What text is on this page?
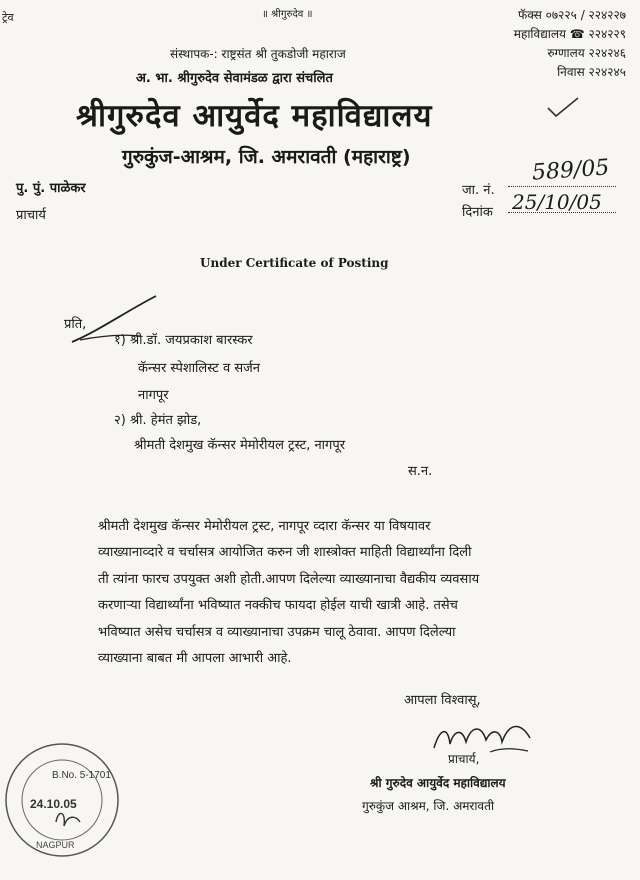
ट्रेव	॥ श्रीगुरुदेव ॥	फॅक्स ०७२२५ / २२४२२७
महाविद्यालय ☎ २२४२२९
रुग्णालय २२४२४६
निवास २२४२४५
संस्थापक-: राष्ट्रसंत श्री तुकडोजी महाराज
अ. भा. श्रीगुरुदेव सेवामंडळ द्वारा संचलित
श्रीगुरुदेव आयुर्वेद महाविद्यालय
गुरुकुंज-आश्रम, जि. अमरावती (महाराष्ट्र)
पु. पुं. पाळेकर
प्राचार्य
जा. नं.
589/05
दिनांक 25/10/05
Under Certificate of Posting
प्रति,
१) श्री.डॉ. जयप्रकाश बारस्कर
कॅन्सर स्पेशालिस्ट व सर्जन
नागपूर
२) श्री. हेमंत झोड,
श्रीमती देशमुख कॅन्सर मेमोरीयल ट्रस्ट, नागपूर
स.न.
श्रीमती देशमुख कॅन्सर मेमोरीयल ट्रस्ट, नागपूर व्दारा कॅन्सर या विषयावर
व्याख्यानाव्दारे व चर्चासत्र आयोजित करुन जी शास्त्रोक्त माहिती विद्यार्थ्यांना दिली
ती त्यांना फारच उपयुक्त अशी होती.आपण दिलेल्या व्याख्यानाचा वैद्यकीय व्यवसाय
करणाऱ्या विद्यार्थ्यांना भविष्यात नक्कीच फायदा होईल याची खात्री आहे. तसेच
भविष्यात असेच चर्चासत्र व व्याख्यानाचा उपक्रम चालू ठेवावा. आपण दिलेल्या
व्याख्याना बाबत मी आपला आभारी आहे.
आपला विश्वासू,
प्राचार्य,
श्री गुरुदेव आयुर्वेद महाविद्यालय
गुरुकुंज आश्रम, जि. अमरावती
B.No. 5-1701
24.10.05
NAGPUR
